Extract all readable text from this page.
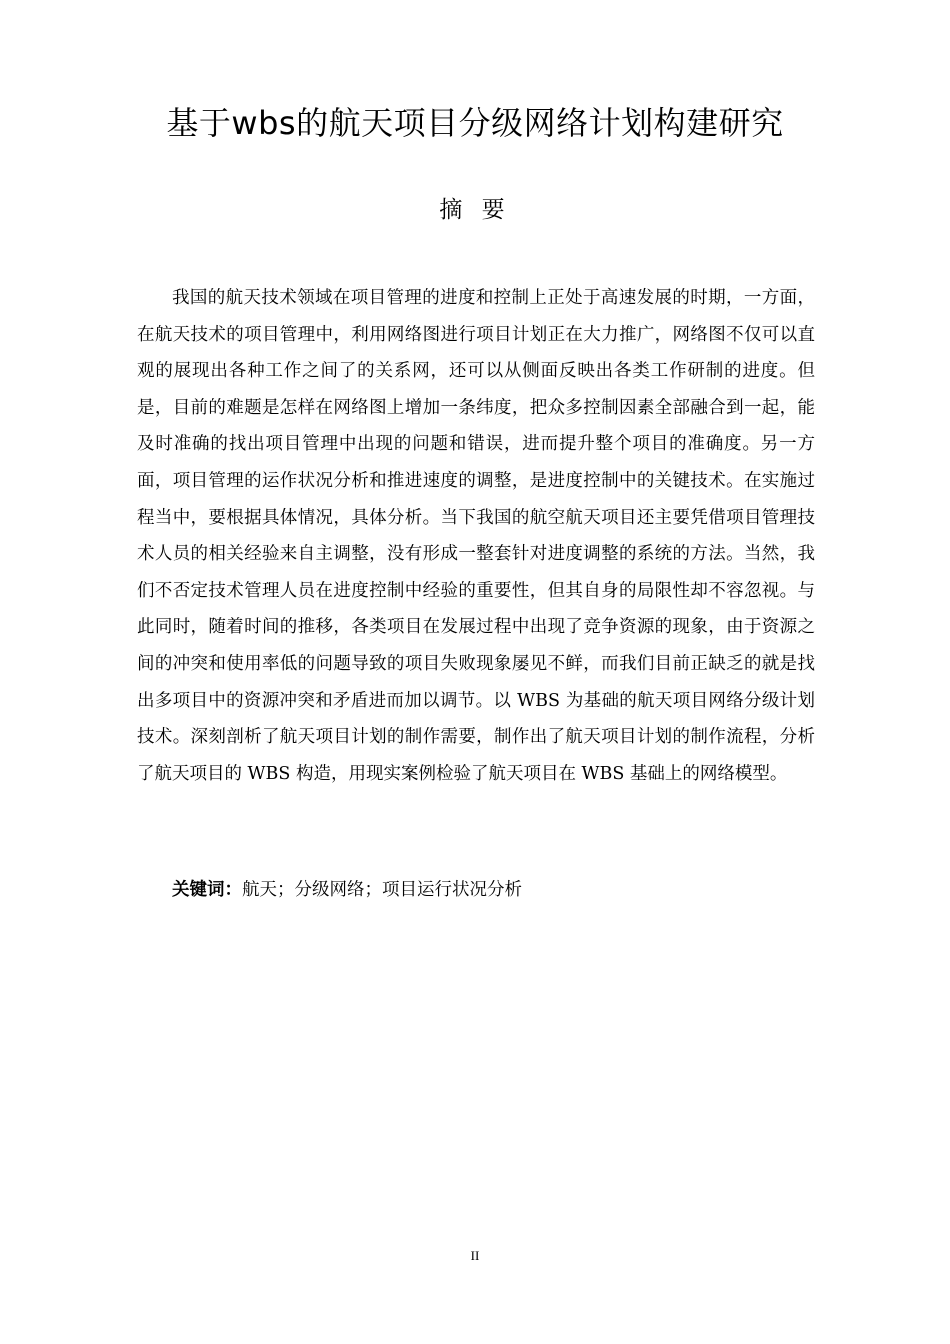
基于wbs的航天项目分级网络计划构建研究
摘 要

我国的航天技术领域在项目管理的进度和控制上正处于高速发展的时期，一方面，在航天技术的项目管理中，利用网络图进行项目计划正在大力推广，网络图不仅可以直观的展现出各种工作之间了的关系网，还可以从侧面反映出各类工作研制的进度。但是，目前的难题是怎样在网络图上增加一条纬度，把众多控制因素全部融合到一起，能及时准确的找出项目管理中出现的问题和错误，进而提升整个项目的准确度。另一方面，项目管理的运作状况分析和推进速度的调整，是进度控制中的关键技术。在实施过程当中，要根据具体情况，具体分析。当下我国的航空航天项目还主要凭借项目管理技术人员的相关经验来自主调整，没有形成一整套针对进度调整的系统的方法。当然，我们不否定技术管理人员在进度控制中经验的重要性，但其自身的局限性却不容忽视。与此同时，随着时间的推移，各类项目在发展过程中出现了竞争资源的现象，由于资源之间的冲突和使用率低的问题导致的项目失败现象屡见不鲜，而我们目前正缺乏的就是找出多项目中的资源冲突和矛盾进而加以调节。以 WBS 为基础的航天项目网络分级计划技术。深刻剖析了航天项目计划的制作需要，制作出了航天项目计划的制作流程，分析了航天项目的 WBS 构造，用现实案例检验了航天项目在 WBS 基础上的网络模型。

关键词：航天；分级网络；项目运行状况分析

II
